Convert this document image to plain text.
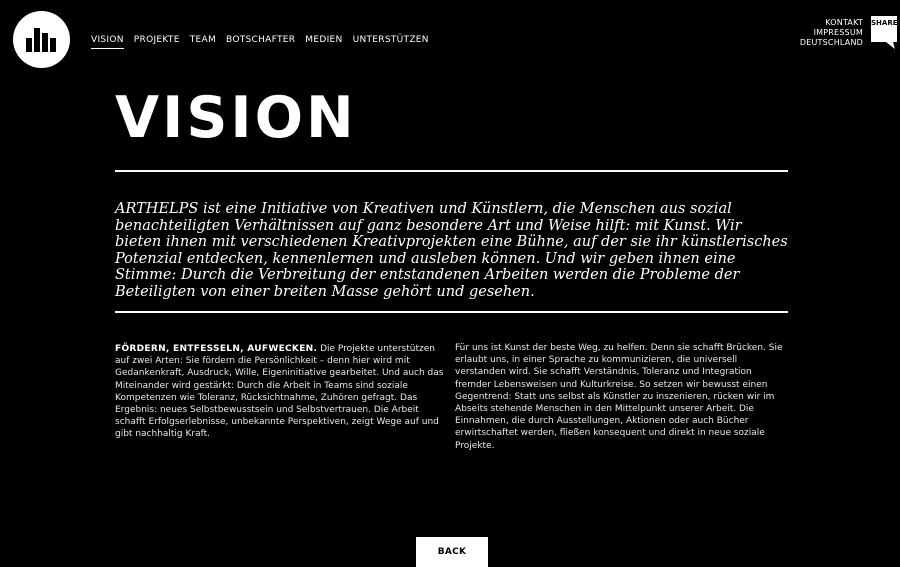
VISION PROJEKTE TEAM BOTSCHAFTER MEDIEN UNTERSTÜTZEN
KONTAKT
IMPRESSUM
DEUTSCHLAND
SHARE
VISION

ARTHELPS ist eine Initiative von Kreativen und Künstlern, die Menschen aus sozial benachteiligten Verhältnissen auf ganz besondere Art und Weise hilft: mit Kunst. Wir bieten ihnen mit verschiedenen Kreativprojekten eine Bühne, auf der sie ihr künstlerisches Potenzial entdecken, kennenlernen und ausleben können. Und wir geben ihnen eine Stimme: Durch die Verbreitung der entstandenen Arbeiten werden die Probleme der Beteiligten von einer breiten Masse gehört und gesehen.

FÖRDERN, ENTFESSELN, AUFWECKEN. Die Projekte unterstützen auf zwei Arten: Sie fördern die Persönlichkeit – denn hier wird mit Gedankenkraft, Ausdruck, Wille, Eigeninitiative gearbeitet. Und auch das Miteinander wird gestärkt: Durch die Arbeit in Teams sind soziale Kompetenzen wie Toleranz, Rücksichtnahme, Zuhören gefragt. Das Ergebnis: neues Selbstbewusstsein und Selbstvertrauen. Die Arbeit schafft Erfolgserlebnisse, unbekannte Perspektiven, zeigt Wege auf und gibt nachhaltig Kraft.
Für uns ist Kunst der beste Weg, zu helfen. Denn sie schafft Brücken. Sie erlaubt uns, in einer Sprache zu kommunizieren, die universell verstanden wird. Sie schafft Verständnis, Toleranz und Integration fremder Lebensweisen und Kulturkreise. So setzen wir bewusst einen Gegentrend: Statt uns selbst als Künstler zu inszenieren, rücken wir im Abseits stehende Menschen in den Mittelpunkt unserer Arbeit. Die Einnahmen, die durch Ausstellungen, Aktionen oder auch Bücher erwirtschaftet werden, fließen konsequent und direkt in neue soziale Projekte.
BACK
